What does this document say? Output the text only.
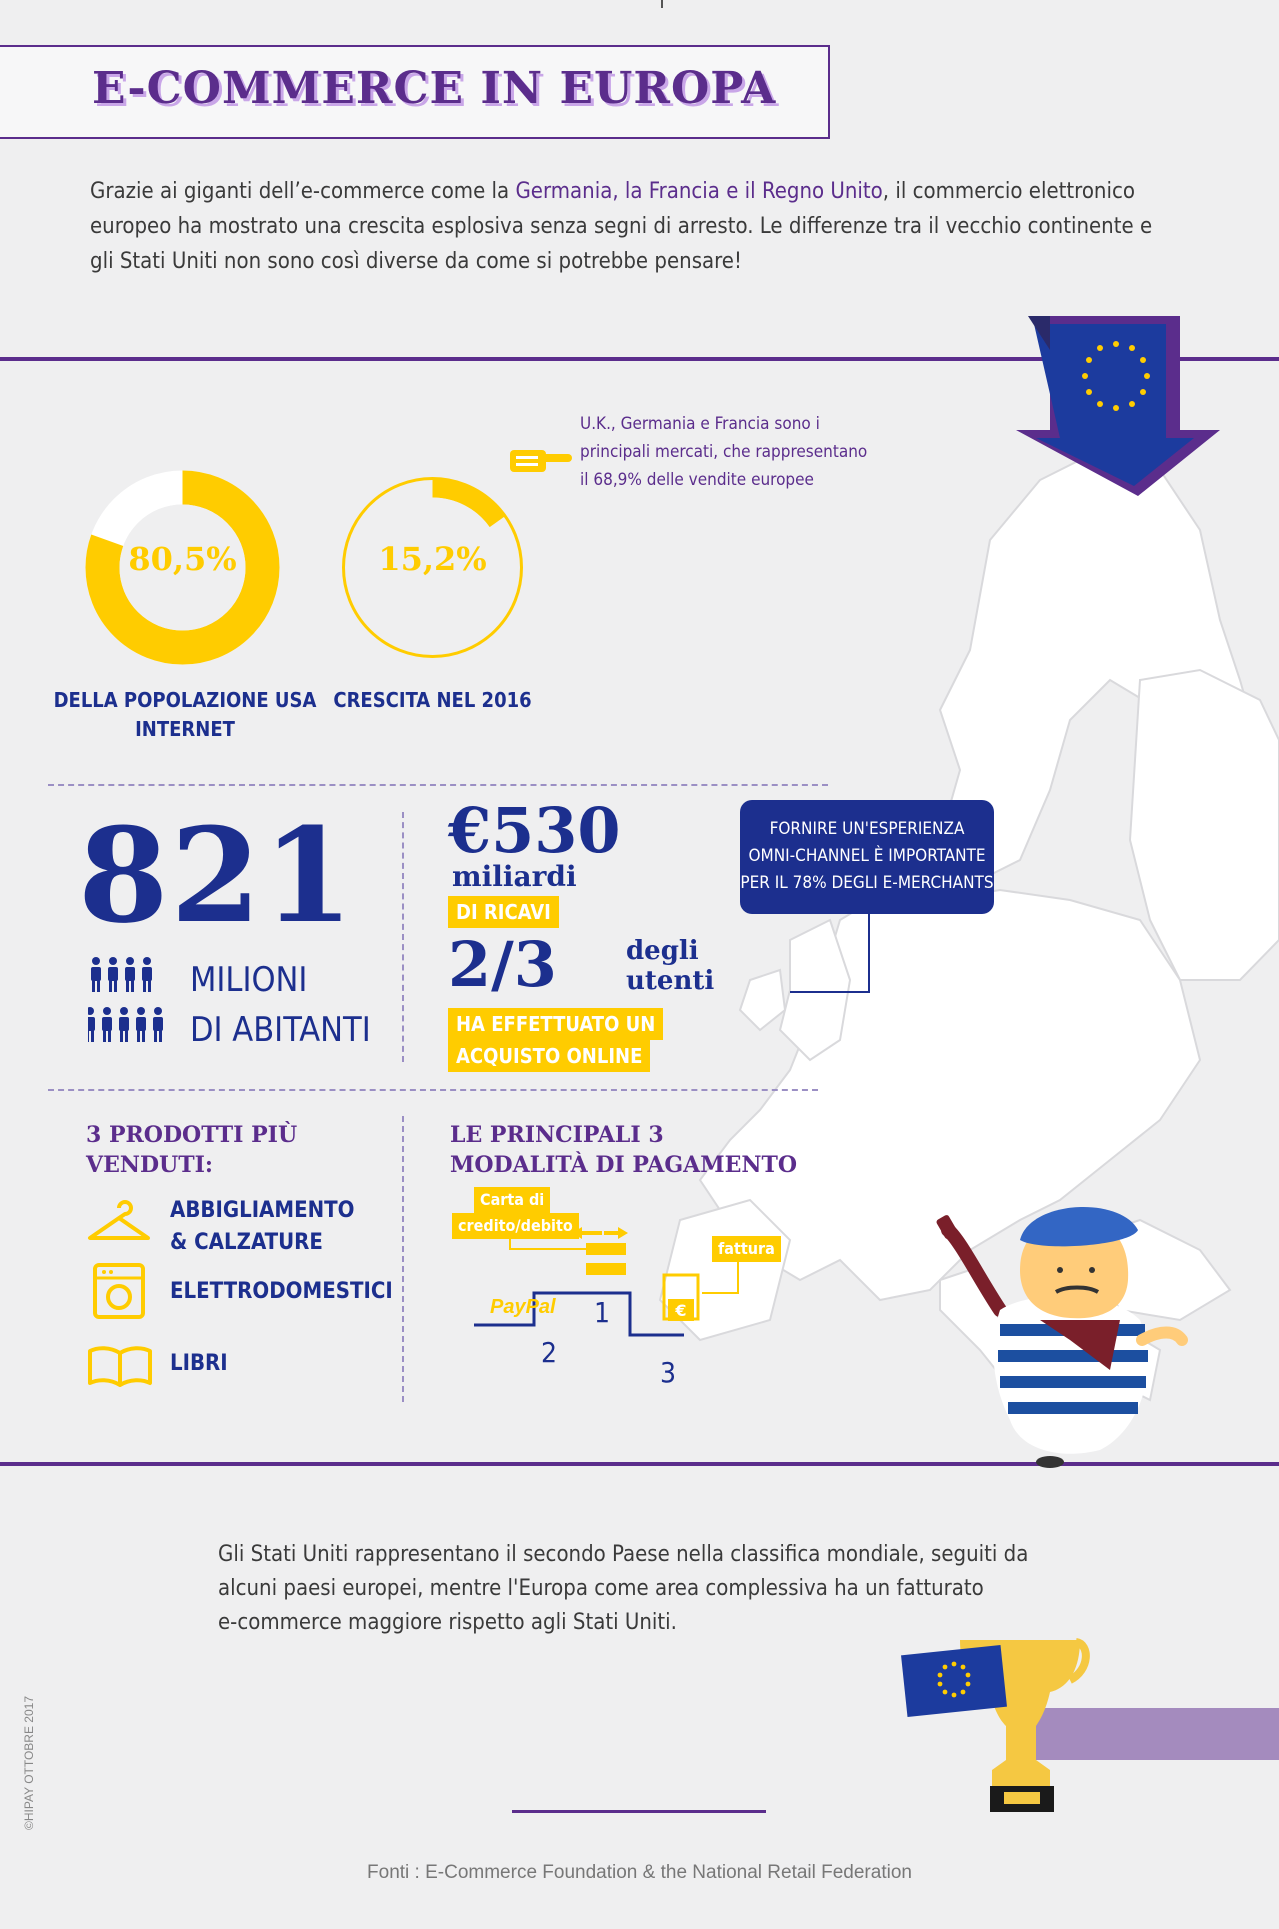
E-COMMERCE IN EUROPA
Grazie ai giganti dell’e-commerce come la Germania, la Francia e il Regno Unito, il commercio elettronico europeo ha mostrato una crescita esplosiva senza segni di arresto. Le differenze tra il vecchio continente e gli Stati Uniti non sono così diverse da come si potrebbe pensare!
U.K., Germania e Francia sono i
principali mercati, che rappresentano
il 68,9% delle vendite europee
80,5%	15,2%
DELLA POPOLAZIONE USA
INTERNET
CRESCITA NEL 2016
821
MILIONI
DI ABITANTI
€530
miliardi
DI RICAVI
2/3	degli
utenti
HA EFFETTUATO UN
ACQUISTO ONLINE
FORNIRE UN'ESPERIENZA
OMNI-CHANNEL È IMPORTANTE
PER IL 78% DEGLI E-MERCHANTS
3 PRODOTTI PIÙ
VENDUTI:
ABBIGLIAMENTO
& CALZATURE
ELETTRODOMESTICI
LIBRI
LE PRINCIPALI 3
MODALITÀ DI PAGAMENTO
Carta di
credito/debito
fattura
€
PayPal 1
2
3
Gli Stati Uniti rappresentano il secondo Paese nella classifica mondiale, seguiti da
alcuni paesi europei, mentre l'Europa come area complessiva ha un fatturato
e-commerce maggiore rispetto agli Stati Uniti.
Fonti : E-Commerce Foundation & the National Retail Federation
©HIPAY OTTOBRE 2017
